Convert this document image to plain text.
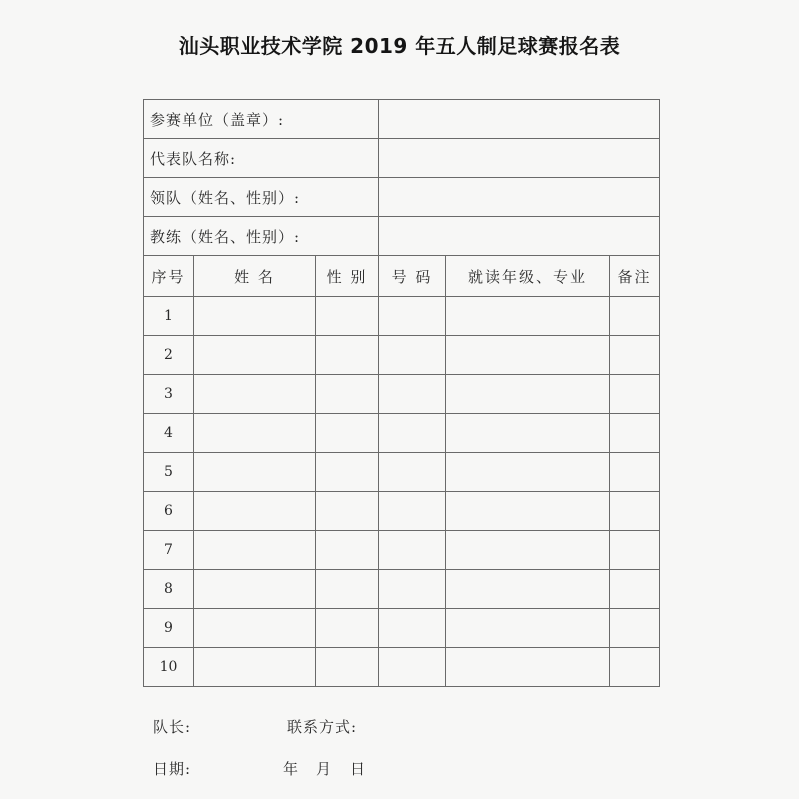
汕头职业技术学院 2019 年五人制足球赛报名表
参赛单位（盖章）:					
代表队名称:					
领队（姓名、性别）:					
教练（姓名、性别）:					
序号	姓 名	性 别	号 码	就读年级、专业	备注
1					
2					
3					
4					
5					
6					
7					
8					
9					
10					
队长:	联系方式:
日期:	年 月 日
